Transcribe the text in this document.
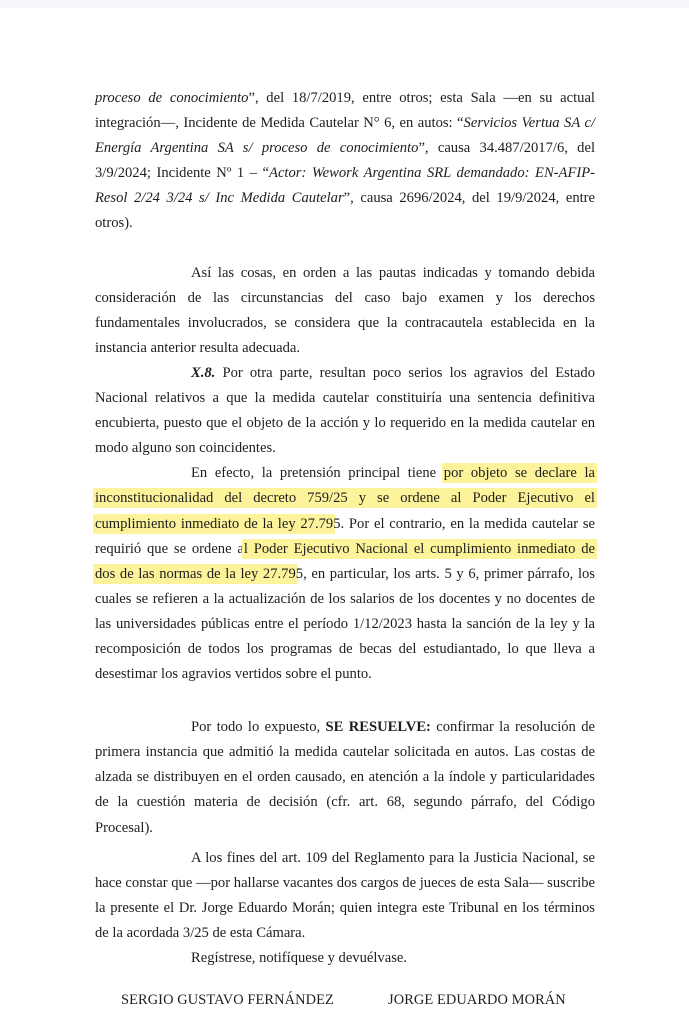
proceso de conocimiento”, del 18/7/2019, entre otros; esta Sala —en su actual integración—, Incidente de Medida Cautelar N° 6, en autos: “Servicios Vertua SA c/ Energía Argentina SA s/ proceso de conocimiento”, causa 34.487/2017/6, del 3/9/2024; Incidente Nº 1 – “Actor: Wework Argentina SRL demandado: EN-AFIP-Resol 2/24 3/24 s/ Inc Medida Cautelar”, causa 2696/2024, del 19/9/2024, entre otros).

Así las cosas, en orden a las pautas indicadas y tomando debida consideración de las circunstancias del caso bajo examen y los derechos fundamentales involucrados, se considera que la contracautela establecida en la instancia anterior resulta adecuada.

X.8. Por otra parte, resultan poco serios los agravios del Estado Nacional relativos a que la medida cautelar constituiría una sentencia definitiva encubierta, puesto que el objeto de la acción y lo requerido en la medida cautelar en modo alguno son coincidentes.

En efecto, la pretensión principal tiene por objeto se declare la inconstitucionalidad del decreto 759/25 y se ordene al Poder Ejecutivo el cumplimiento inmediato de la ley 27.795. Por el contrario, en la medida cautelar se requirió que se ordene al Poder Ejecutivo Nacional el cumplimiento inmediato de dos de las normas de la ley 27.795, en particular, los arts. 5 y 6, primer párrafo, los cuales se refieren a la actualización de los salarios de los docentes y no docentes de las universidades públicas entre el período 1/12/2023 hasta la sanción de la ley y la recomposición de todos los programas de becas del estudiantado, lo que lleva a desestimar los agravios vertidos sobre el punto.

Por todo lo expuesto, SE RESUELVE: confirmar la resolución de primera instancia que admitió la medida cautelar solicitada en autos. Las costas de alzada se distribuyen en el orden causado, en atención a la índole y particularidades de la cuestión materia de decisión (cfr. art. 68, segundo párrafo, del Código Procesal).

A los fines del art. 109 del Reglamento para la Justicia Nacional, se hace constar que —por hallarse vacantes dos cargos de jueces de esta Sala— suscribe la presente el Dr. Jorge Eduardo Morán; quien integra este Tribunal en los términos de la acordada 3/25 de esta Cámara.

Regístrese, notifíquese y devuélvase.

SERGIO GUSTAVO FERNÁNDEZ	JORGE EDUARDO MORÁN
